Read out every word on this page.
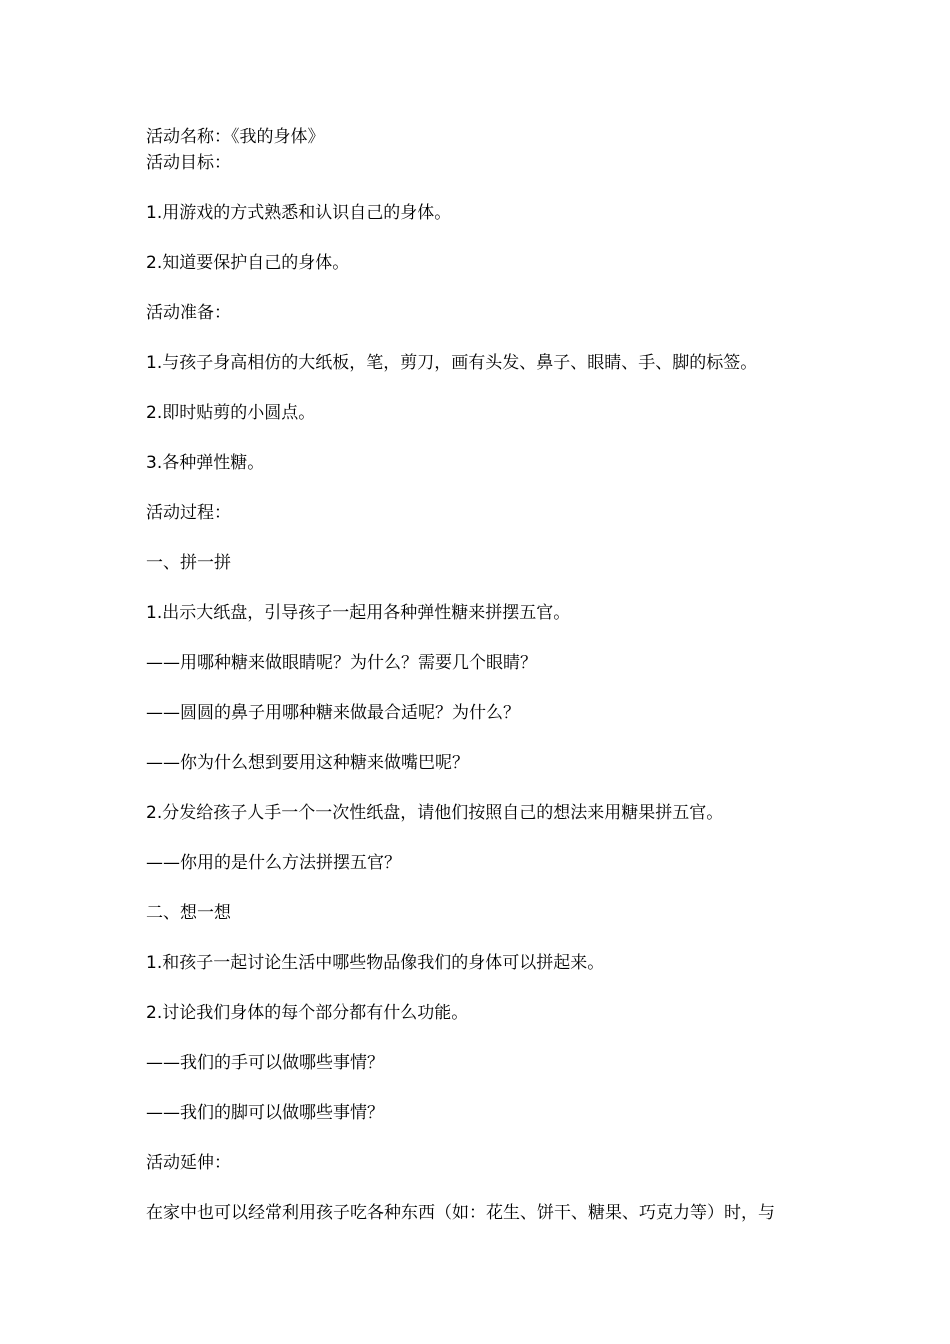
活动名称：《我的身体》
活动目标：
1.用游戏的方式熟悉和认识自己的身体。
2.知道要保护自己的身体。
活动准备：
1.与孩子身高相仿的大纸板，笔，剪刀，画有头发、鼻子、眼睛、手、脚的标签。
2.即时贴剪的小圆点。
3.各种弹性糖。
活动过程：
一、拼一拼
1.出示大纸盘，引导孩子一起用各种弹性糖来拼摆五官。
——用哪种糖来做眼睛呢？为什么？需要几个眼睛？
——圆圆的鼻子用哪种糖来做最合适呢？为什么？
——你为什么想到要用这种糖来做嘴巴呢？
2.分发给孩子人手一个一次性纸盘，请他们按照自己的想法来用糖果拼五官。
——你用的是什么方法拼摆五官？
二、想一想
1.和孩子一起讨论生活中哪些物品像我们的身体可以拼起来。
2.讨论我们身体的每个部分都有什么功能。
——我们的手可以做哪些事情？
——我们的脚可以做哪些事情？
活动延伸：
在家中也可以经常利用孩子吃各种东西（如：花生、饼干、糖果、巧克力等）时，与
